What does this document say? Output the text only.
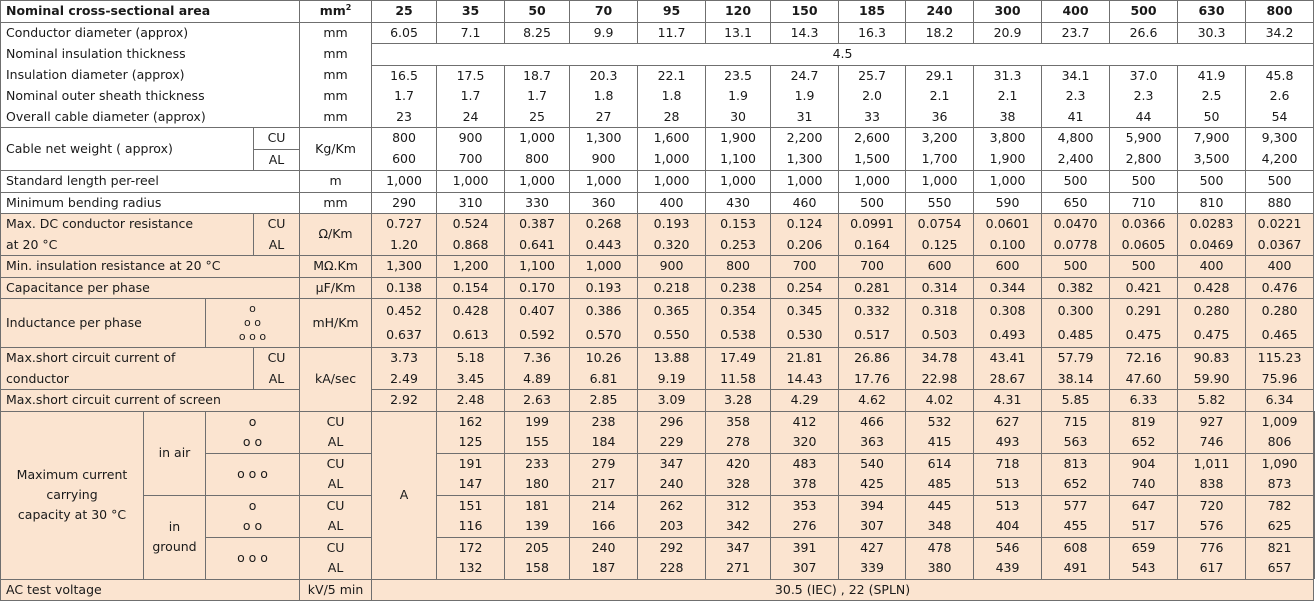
Nominal cross-sectional area				$mm^2$	25	35	50	70	95	120	150	185	240	300	400	500	630	800	
Conductor diameter (approx)				mm	6.05	7.1	8.25	9.9	11.7	13.1	14.3	16.3	18.2	20.9	23.7	26.6	30.3	34.2	
Nominal insulation thickness				mm	4.5														
Insulation diameter (approx)				mm	16.5	17.5	18.7	20.3	22.1	23.5	24.7	25.7	29.1	31.3	34.1	37.0	41.9	45.8	
Nominal outer sheath thickness				mm	1.7	1.7	1.7	1.8	1.8	1.9	1.9	2.0	2.1	2.1	2.3	2.3	2.5	2.6	
Overall cable diameter (approx)				mm	23	24	25	27	28	30	31	33	36	38	41	44	50	54	
Cable net weight ( approx)			CU	Kg/Km	800	900	1,000	1,300	1,600	1,900	2,200	2,600	3,200	3,800	4,800	5,900	7,900	9,300	
			AL		600	700	800	900	1,000	1,100	1,300	1,500	1,700	1,900	2,400	2,800	3,500	4,200	
Standard length per-reel				m	1,000	1,000	1,000	1,000	1,000	1,000	1,000	1,000	1,000	1,000	500	500	500	500	
Minimum bending radius				mm	290	310	330	360	400	430	460	500	550	590	650	710	810	880	
Max. DC conductor resistance			CU	Ω/Km	0.727	0.524	0.387	0.268	0.193	0.153	0.124	0.0991	0.0754	0.0601	0.0470	0.0366	0.0283	0.0221	
at 20 °C			AL		1.20	0.868	0.641	0.443	0.320	0.253	0.206	0.164	0.125	0.100	0.0778	0.0605	0.0469	0.0367	
Min. insulation resistance at 20 °C				MΩ.Km	1,300	1,200	1,100	1,000	900	800	700	700	600	600	500	500	400	400	
Capacitance per phase				μF/Km	0.138	0.154	0.170	0.193	0.218	0.238	0.254	0.281	0.314	0.344	0.382	0.421	0.428	0.476	
Inductance per phase		o
o o
o o o		mH/Km	0.452	0.428	0.407	0.386	0.365	0.354	0.345	0.332	0.318	0.308	0.300	0.291	0.280	0.280	
					0.637	0.613	0.592	0.570	0.550	0.538	0.530	0.517	0.503	0.493	0.485	0.475	0.475	0.465	
Max.short circuit current of			CU	kA/sec	3.73	5.18	7.36	10.26	13.88	17.49	21.81	26.86	34.78	43.41	57.79	72.16	90.83	115.23	
conductor			AL		2.49	3.45	4.89	6.81	9.19	11.58	14.43	17.76	22.98	28.67	38.14	47.60	59.90	75.96	
Max.short circuit current of screen					2.92	2.48	2.63	2.85	3.09	3.28	4.29	4.62	4.02	4.31	5.85	6.33	5.82	6.34	

Maximum current
carrying
capacity at 30 °C	in air	o		CU	A	162	199	238	296	358	412	466	532	627	715	819	927	1,009	
		o o		AL		125	155	184	229	278	320	363	415	493	563	652	746	806	
		o o o		CU		191	233	279	347	420	483	540	614	718	813	904	1,011	1,090	
				AL		147	180	217	240	328	378	425	485	513	652	740	838	873	

	in
ground	o		CU		151	181	214	262	312	353	394	445	513	577	647	720	782	
		o o		AL		116	139	166	203	342	276	307	348	404	455	517	576	625	
		o o o		CU		172	205	240	292	347	391	427	478	546	608	659	776	821	
				AL		132	158	187	228	271	307	339	380	439	491	543	617	657	
AC test voltage				kV/5 min	30.5 (IEC) , 22 (SPLN)														
